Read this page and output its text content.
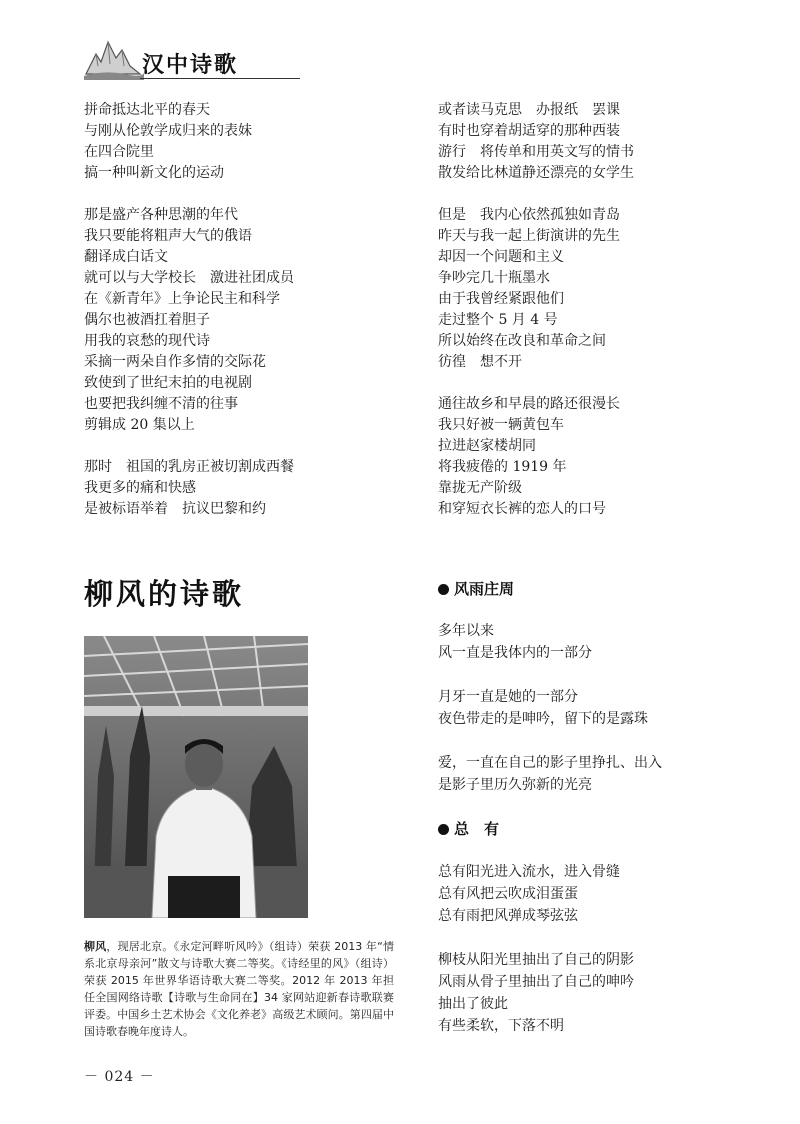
汉中诗歌
拼命抵达北平的春天
与刚从伦敦学成归来的表妹
在四合院里
搞一种叫新文化的运动
那是盛产各种思潮的年代
我只要能将粗声大气的俄语
翻译成白话文
就可以与大学校长　激进社团成员
在《新青年》上争论民主和科学
偶尔也被酒扛着胆子
用我的哀愁的现代诗
采摘一两朵自作多情的交际花
致使到了世纪末拍的电视剧
也要把我纠缠不清的往事
剪辑成 20 集以上
那时　祖国的乳房正被切割成西餐
我更多的痛和快感
是被标语举着　抗议巴黎和约
或者读马克思　办报纸　罢课
有时也穿着胡适穿的那种西装
游行　将传单和用英文写的情书
散发给比林道静还漂亮的女学生
但是　我内心依然孤独如青岛
昨天与我一起上街演讲的先生
却因一个问题和主义
争吵完几十瓶墨水
由于我曾经紧跟他们
走过整个 5 月 4 号
所以始终在改良和革命之间
彷徨　想不开
通往故乡和早晨的路还很漫长
我只好被一辆黄包车
拉进赵家楼胡同
将我疲倦的 1919 年
靠拢无产阶级
和穿短衣长裤的恋人的口号
柳风的诗歌
柳风，现居北京。《永定河畔听风吟》（组诗）荣获 2013 年“情系北京母亲河”散文与诗歌大赛二等奖。《诗经里的风》（组诗）荣获 2015 年世界华语诗歌大赛二等奖。2012 年 2013 年担任全国网络诗歌【诗歌与生命同在】34 家网站迎新春诗歌联赛评委。中国乡土艺术协会《文化养老》高级艺术顾问。第四届中国诗歌春晚年度诗人。
－ 024 －
风雨庄周
多年以来
风一直是我体内的一部分
月牙一直是她的一部分
夜色带走的是呻吟，留下的是露珠
爱，一直在自己的影子里挣扎、出入
是影子里历久弥新的光亮
总　有
总有阳光进入流水，进入骨缝
总有风把云吹成泪蛋蛋
总有雨把风弹成琴弦弦
柳枝从阳光里抽出了自己的阴影
风雨从骨子里抽出了自己的呻吟
抽出了彼此
有些柔软，下落不明
